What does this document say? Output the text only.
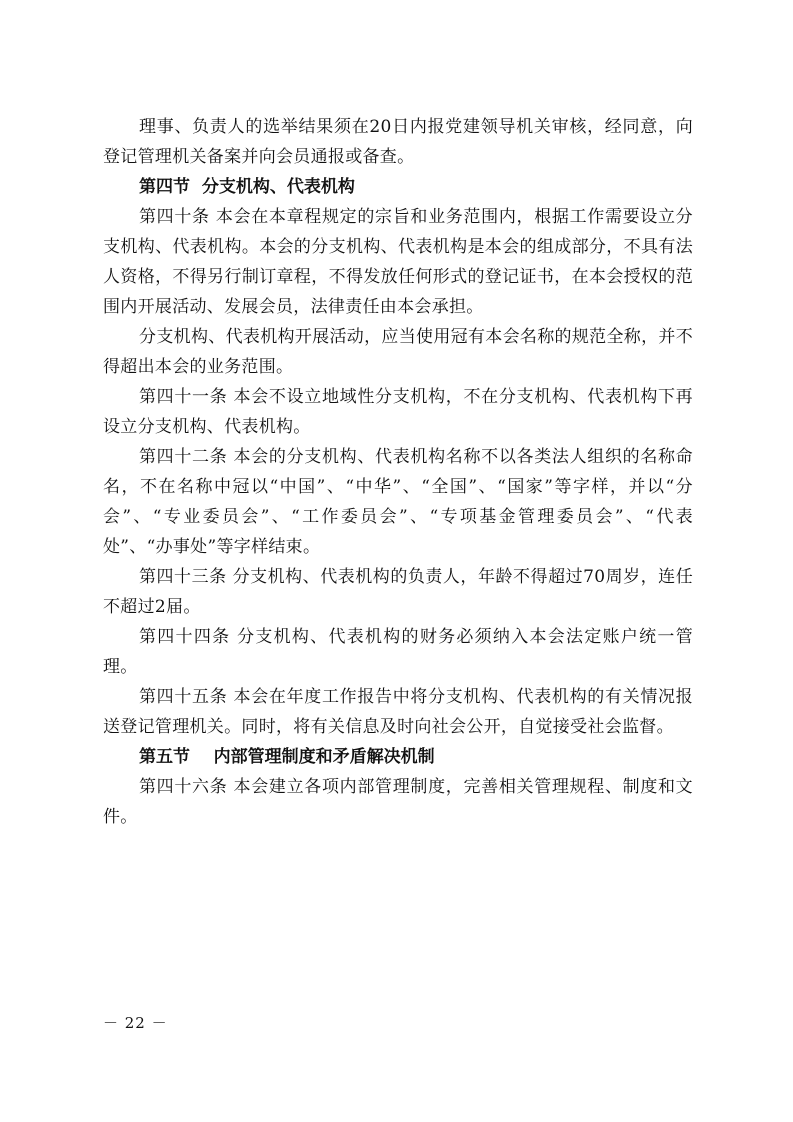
理事、负责人的选举结果须在20日内报党建领导机关审核，经同意，向登记管理机关备案并向会员通报或备查。

第四节  分支机构、代表机构

第四十条 本会在本章程规定的宗旨和业务范围内，根据工作需要设立分支机构、代表机构。本会的分支机构、代表机构是本会的组成部分，不具有法人资格，不得另行制订章程，不得发放任何形式的登记证书，在本会授权的范围内开展活动、发展会员，法律责任由本会承担。

分支机构、代表机构开展活动，应当使用冠有本会名称的规范全称，并不得超出本会的业务范围。

第四十一条 本会不设立地域性分支机构，不在分支机构、代表机构下再设立分支机构、代表机构。

第四十二条 本会的分支机构、代表机构名称不以各类法人组织的名称命名，不在名称中冠以“中国”、“中华”、“全国”、“国家”等字样，并以“分会”、“专业委员会”、“工作委员会”、“专项基金管理委员会”、“代表处”、“办事处”等字样结束。

第四十三条 分支机构、代表机构的负责人，年龄不得超过70周岁，连任不超过2届。

第四十四条 分支机构、代表机构的财务必须纳入本会法定账户统一管理。

第四十五条 本会在年度工作报告中将分支机构、代表机构的有关情况报送登记管理机关。同时，将有关信息及时向社会公开，自觉接受社会监督。

第五节    内部管理制度和矛盾解决机制

第四十六条 本会建立各项内部管理制度，完善相关管理规程、制度和文件。

－ 22 －
